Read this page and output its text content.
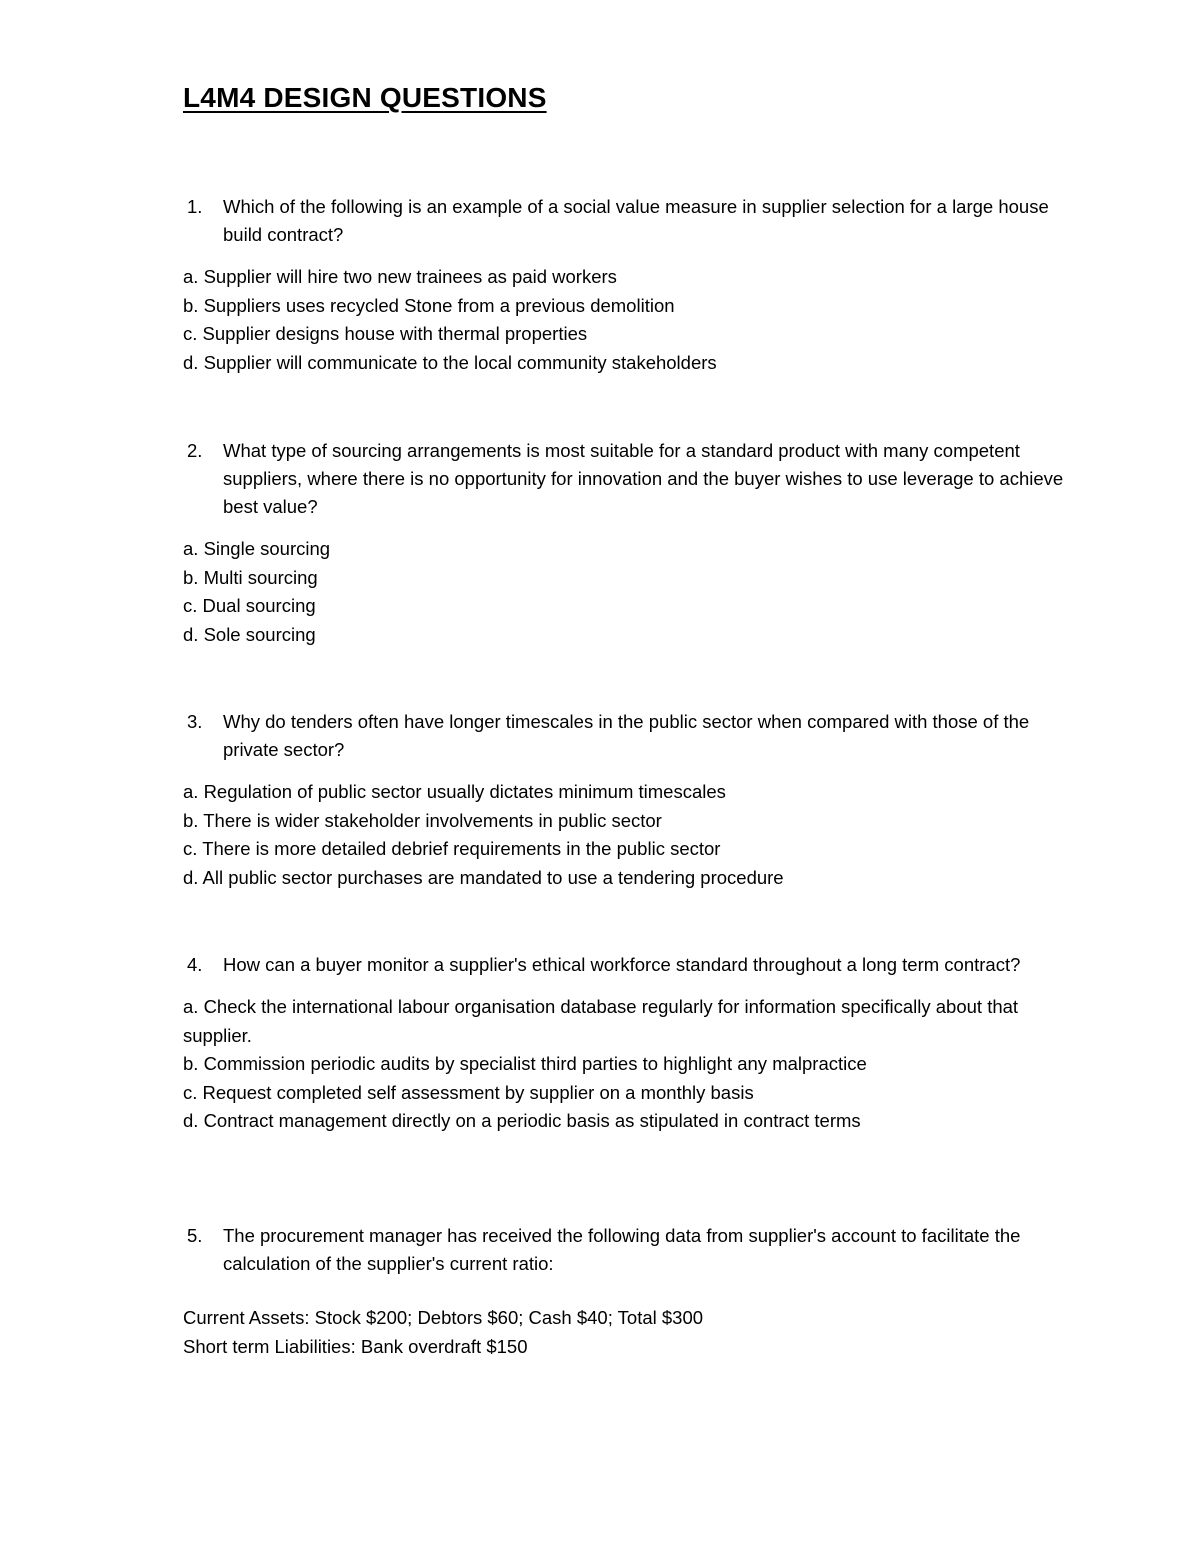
L4M4 DESIGN QUESTIONS
1. Which of the following is an example of a social value measure in supplier selection for a large house build contract?
a. Supplier will hire two new trainees as paid workers
b. Suppliers uses recycled Stone from a previous demolition
c. Supplier designs house with thermal properties
d. Supplier will communicate to the local community stakeholders
2. What type of sourcing arrangements is most suitable for a standard product with many competent suppliers, where there is no opportunity for innovation and the buyer wishes to use leverage to achieve best value?
a. Single sourcing
b. Multi sourcing
c. Dual sourcing
d. Sole sourcing
3. Why do tenders often have longer timescales in the public sector when compared with those of the private sector?
a. Regulation of public sector usually dictates minimum timescales
b. There is wider stakeholder involvements in public sector
c. There is more detailed debrief requirements in the public sector
d. All public sector purchases are mandated to use a tendering procedure
4. How can a buyer monitor a supplier's ethical workforce standard throughout a long term contract?
a. Check the international labour organisation database regularly for information specifically about that supplier.
b. Commission periodic audits by specialist third parties to highlight any malpractice
c. Request completed self assessment by supplier on a monthly basis
d. Contract management directly on a periodic basis as stipulated in contract terms
5. The procurement manager has received the following data from supplier's account to facilitate the calculation of the supplier's current ratio:
Current Assets: Stock $200; Debtors $60; Cash $40; Total $300
Short term Liabilities: Bank overdraft $150
